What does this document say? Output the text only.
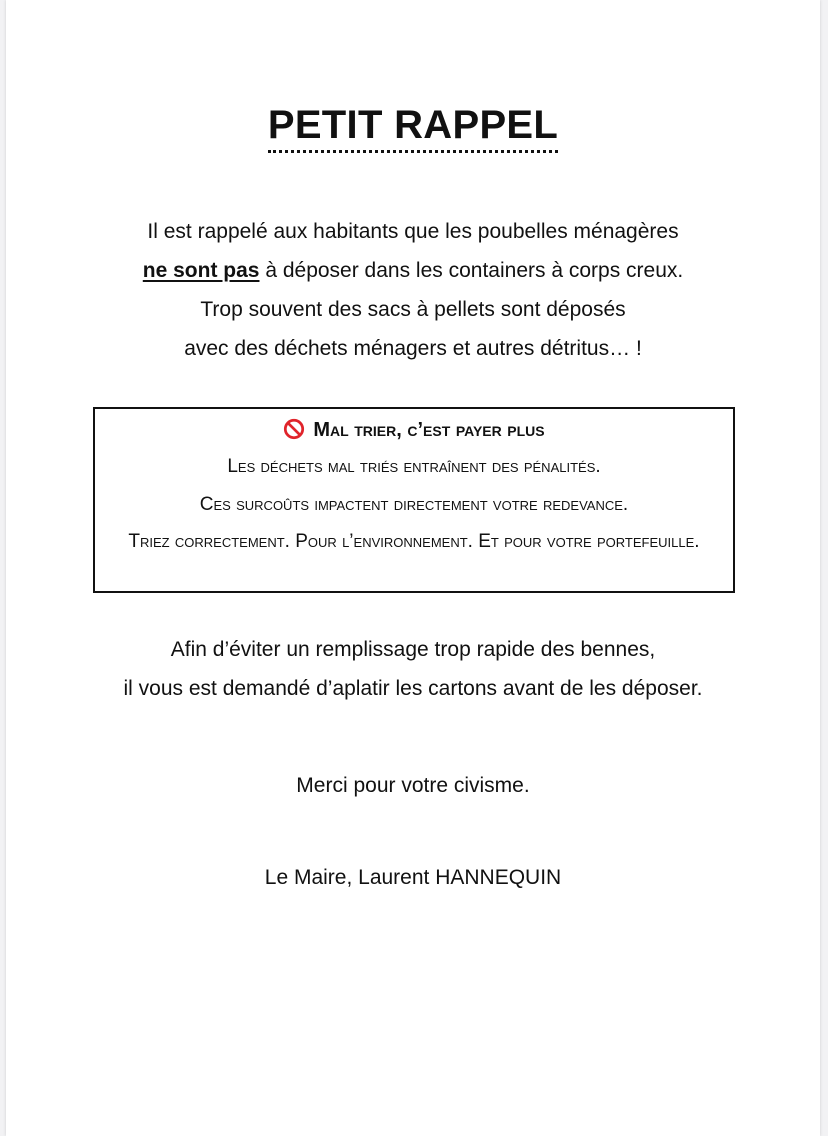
PETIT RAPPEL
Il est rappelé aux habitants que les poubelles ménagères
ne sont pas à déposer dans les containers à corps creux.
Trop souvent des sacs à pellets sont déposés
avec des déchets ménagers et autres détritus… !
Mal trier, c’est payer plus
Les déchets mal triés entraînent des pénalités.
Ces surcoûts impactent directement votre redevance.
Triez correctement. Pour l’environnement. Et pour votre portefeuille.
Afin d’éviter un remplissage trop rapide des bennes,
il vous est demandé d’aplatir les cartons avant de les déposer.
Merci pour votre civisme.
Le Maire, Laurent HANNEQUIN
